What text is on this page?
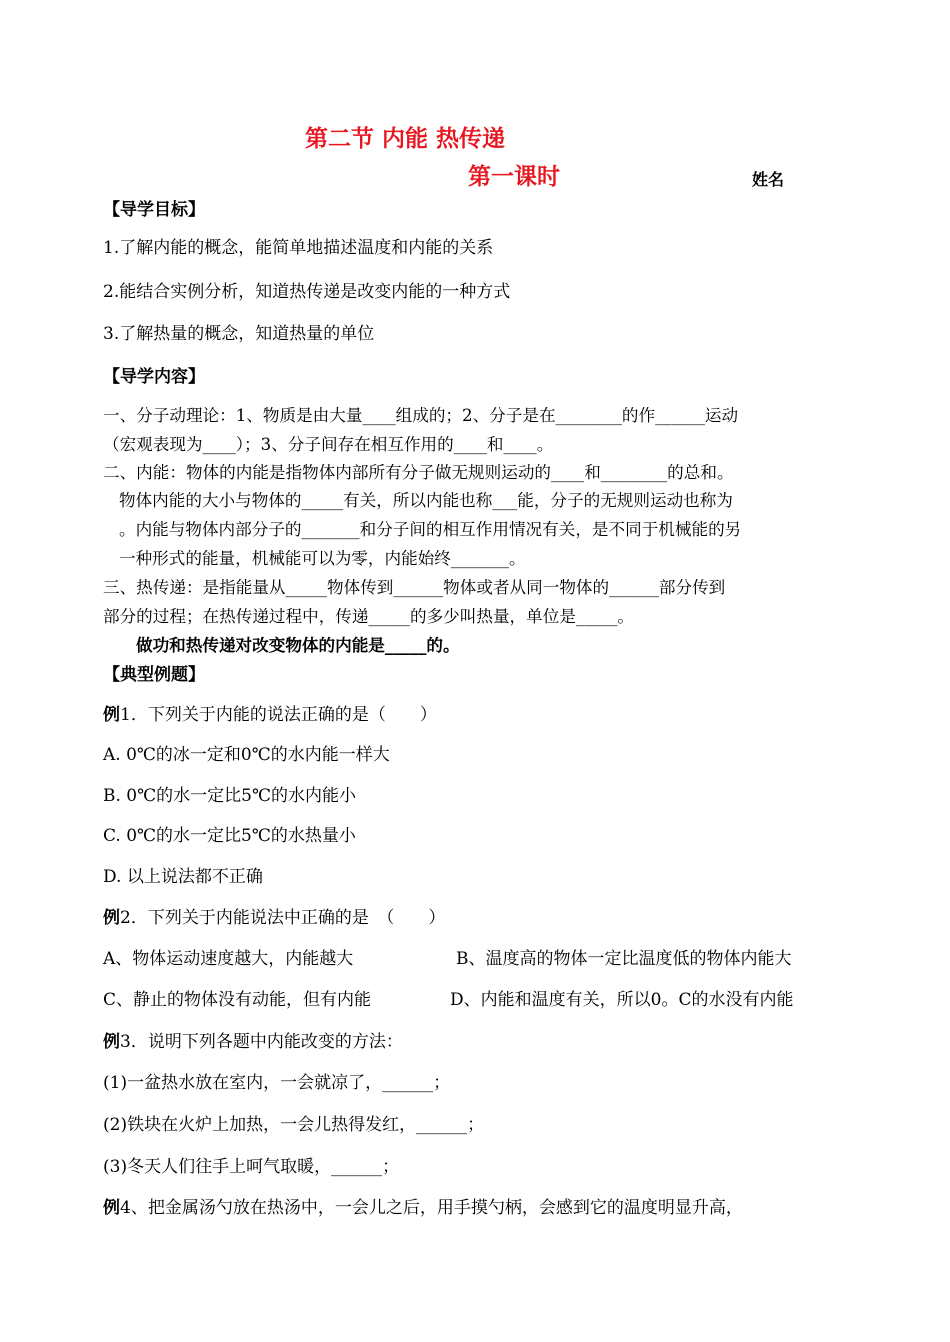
第二节 内能 热传递
第一课时	姓名
【导学目标】
1.了解内能的概念，能简单地描述温度和内能的关系
2.能结合实例分析，知道热传递是改变内能的一种方式
3.了解热量的概念，知道热量的单位
【导学内容】
一、分子动理论：1、物质是由大量____组成的；2、分子是在________的作______运动
（宏观表现为____）；3、分子间存在相互作用的____和____。
二、内能：物体的内能是指物体内部所有分子做无规则运动的____和________的总和。
物体内能的大小与物体的_____有关，所以内能也称___能，分子的无规则运动也称为
。内能与物体内部分子的_______和分子间的相互作用情况有关，是不同于机械能的另
一种形式的能量，机械能可以为零，内能始终_______。
三、热传递：是指能量从_____物体传到______物体或者从同一物体的______部分传到
部分的过程；在热传递过程中，传递_____的多少叫热量，单位是_____。
做功和热传递对改变物体的内能是_____的。
【典型例题】
例1．下列关于内能的说法正确的是（　　）
A. 0℃的冰一定和0℃的水内能一样大
B. 0℃的水一定比5℃的水内能小
C. 0℃的水一定比5℃的水热量小
D. 以上说法都不正确
例2．下列关于内能说法中正确的是　（　　）
A、物体运动速度越大，内能越大	B、温度高的物体一定比温度低的物体内能大
C、静止的物体没有动能，但有内能	D、内能和温度有关，所以0。C的水没有内能
例3．说明下列各题中内能改变的方法：
(1)一盆热水放在室内，一会就凉了，______；
(2)铁块在火炉上加热，一会儿热得发红，______；
(3)冬天人们往手上呵气取暖，______；
例4、把金属汤勺放在热汤中，一会儿之后，用手摸勺柄，会感到它的温度明显升高，
